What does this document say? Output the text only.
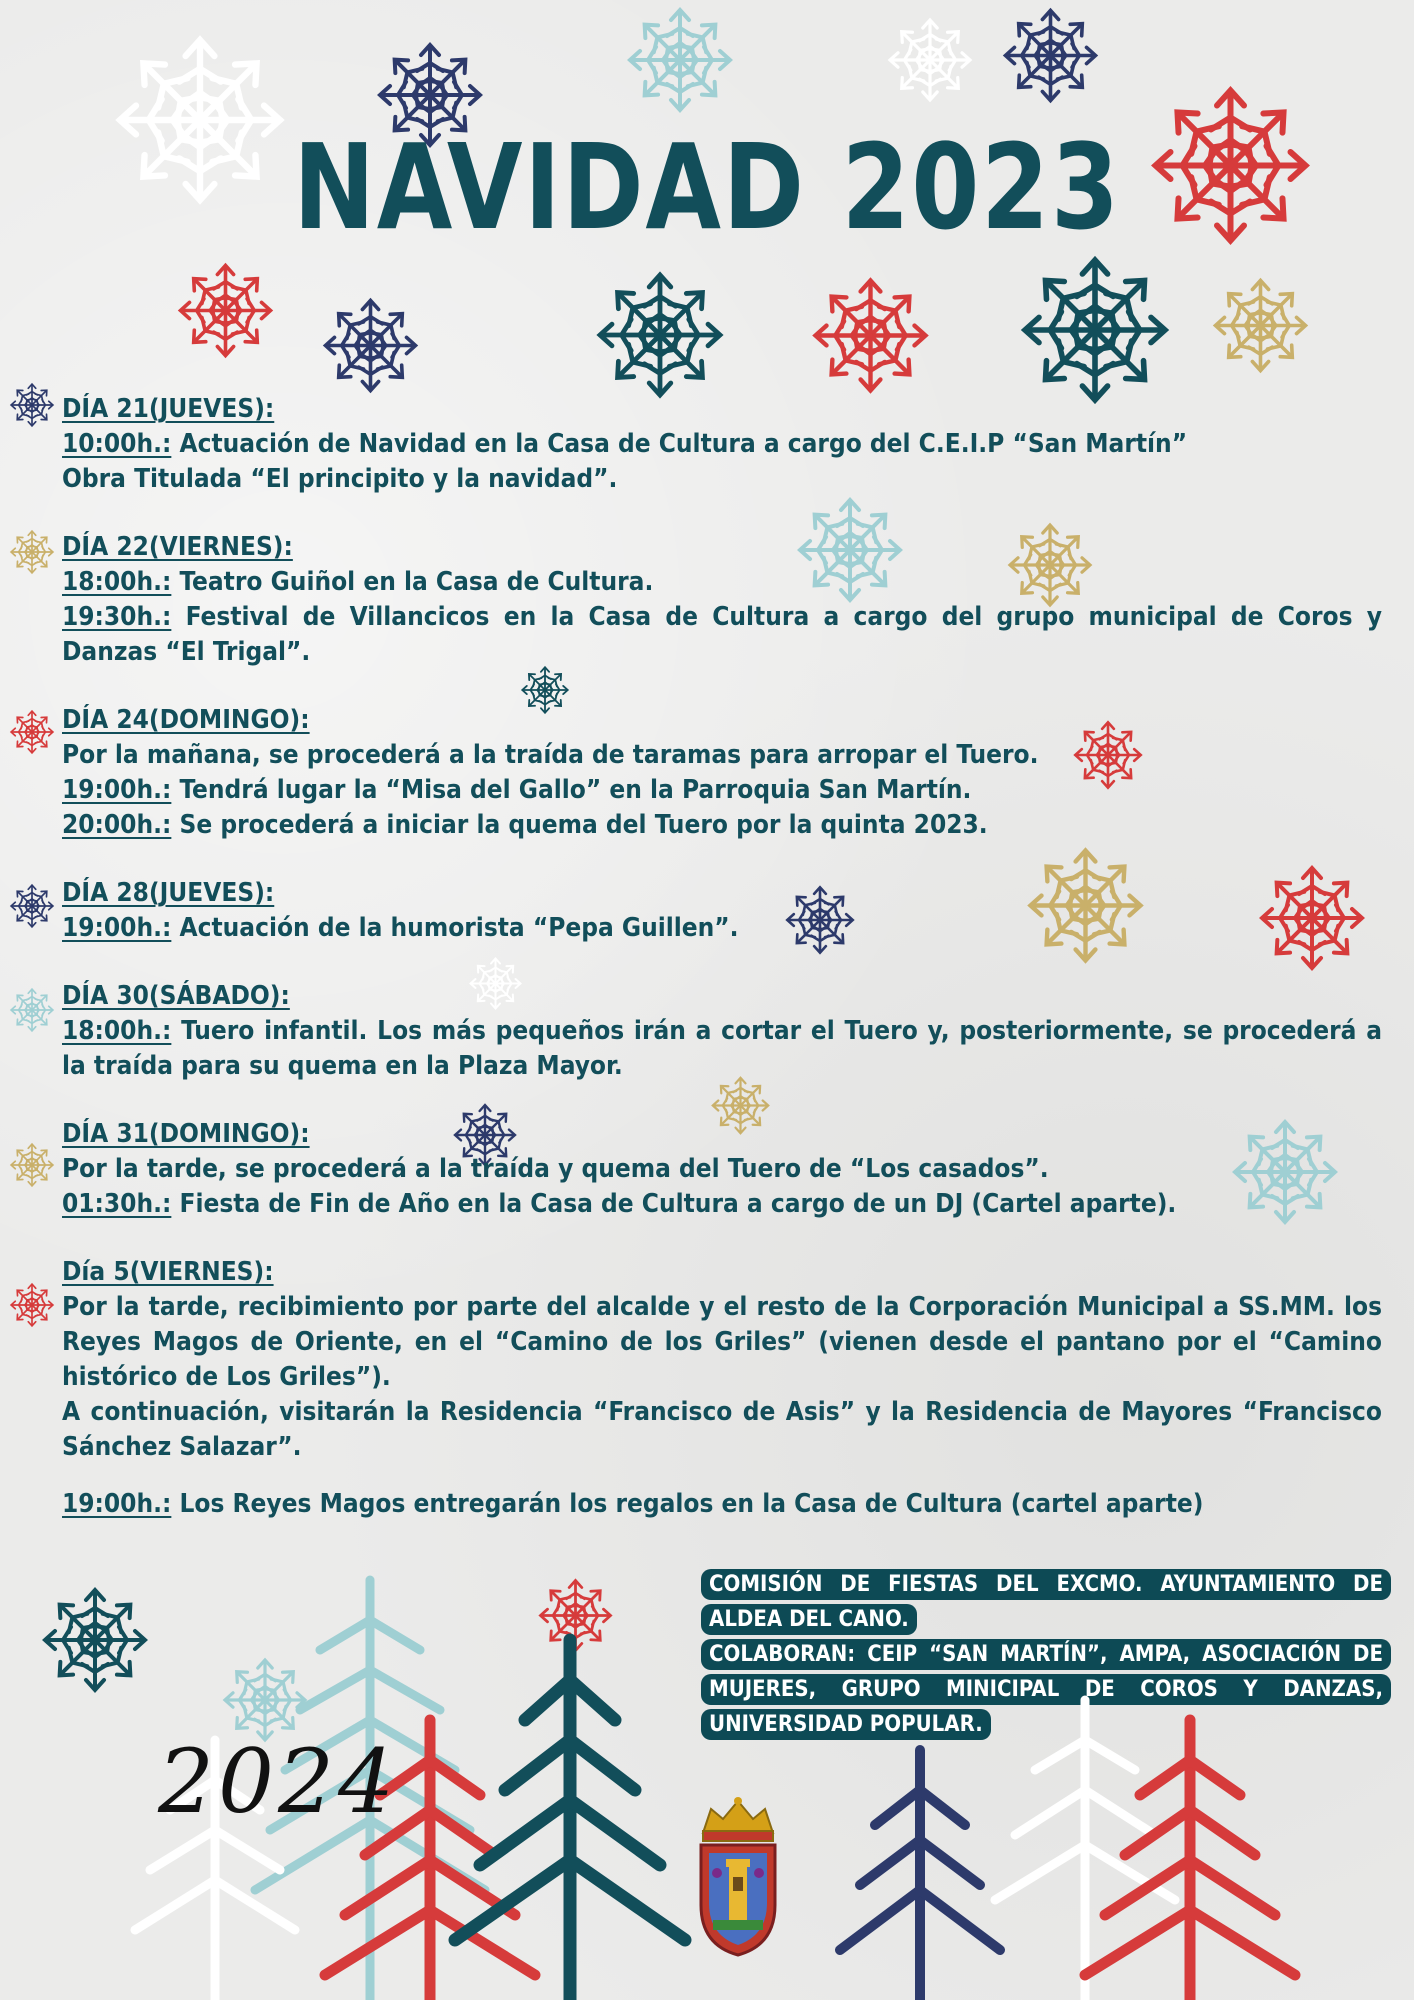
NAVIDAD 2023
DÍA 21(JUEVES):
10:00h.: Actuación de Navidad en la Casa de Cultura a cargo del C.E.I.P “San Martín”
Obra Titulada “El principito y la navidad”.
DÍA 22(VIERNES):
18:00h.: Teatro Guiñol en la Casa de Cultura.
19:30h.: Festival de Villancicos en la Casa de Cultura a cargo del grupo municipal de Coros y Danzas “El Trigal”.
DÍA 24(DOMINGO):
Por la mañana, se procederá a la traída de taramas para arropar el Tuero.
19:00h.: Tendrá lugar la “Misa del Gallo” en la Parroquia San Martín.
20:00h.: Se procederá a iniciar la quema del Tuero por la quinta 2023.
DÍA 28(JUEVES):
19:00h.: Actuación de la humorista “Pepa Guillen”.
DÍA 30(SÁBADO):
18:00h.: Tuero infantil. Los más pequeños irán a cortar el Tuero y, posteriormente, se procederá a la traída para su quema en la Plaza Mayor.
DÍA 31(DOMINGO):
Por la tarde, se procederá a la traída y quema del Tuero de “Los casados”.
01:30h.: Fiesta de Fin de Año en la Casa de Cultura a cargo de un DJ (Cartel aparte).
Día 5(VIERNES):
Por la tarde, recibimiento por parte del alcalde y el resto de la Corporación Municipal a SS.MM. los Reyes Magos de Oriente, en el “Camino de los Griles” (vienen desde el pantano por el “Camino histórico de Los Griles”).
A continuación, visitarán la Residencia “Francisco de Asis” y la Residencia de Mayores “Francisco Sánchez Salazar”.
19:00h.: Los Reyes Magos entregarán los regalos en la Casa de Cultura (cartel aparte)
COMISIÓN DE FIESTAS DEL EXCMO. AYUNTAMIENTO DE ALDEA DEL CANO.
COLABORAN: CEIP “SAN MARTÍN”, AMPA, ASOCIACIÓN DE MUJERES, GRUPO MINICIPAL DE COROS Y DANZAS, UNIVERSIDAD POPULAR.
2024
